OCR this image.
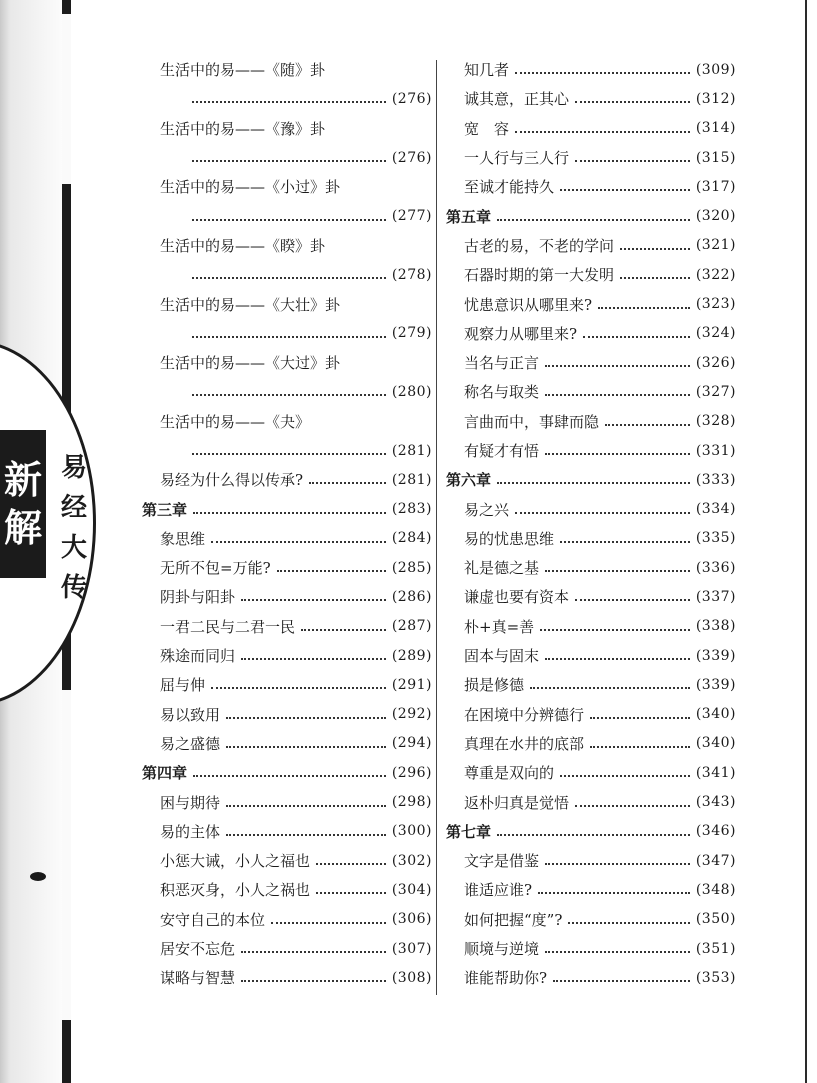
新
解
易
经
大
传
生活中的易——《随》卦
(276)
生活中的易——《豫》卦
(276)
生活中的易——《小过》卦
(277)
生活中的易——《睽》卦
(278)
生活中的易——《大壮》卦
(279)
生活中的易——《大过》卦
(280)
生活中的易——《夬》
(281)
易经为什么得以传承?	(281)
第三章	(283)
象思维	(284)
无所不包=万能?	(285)
阴卦与阳卦	(286)
一君二民与二君一民	(287)
殊途而同归	(289)
屈与伸	(291)
易以致用	(292)
易之盛德	(294)
第四章	(296)
困与期待	(298)
易的主体	(300)
小惩大诫，小人之福也	(302)
积恶灭身，小人之祸也	(304)
安守自己的本位	(306)
居安不忘危	(307)
谋略与智慧	(308)
知几者	(309)
诚其意，正其心	(312)
宽　容	(314)
一人行与三人行	(315)
至诚才能持久	(317)
第五章	(320)
古老的易，不老的学问	(321)
石器时期的第一大发明	(322)
忧患意识从哪里来?	(323)
观察力从哪里来?	(324)
当名与正言	(326)
称名与取类	(327)
言曲而中，事肆而隐	(328)
有疑才有悟	(331)
第六章	(333)
易之兴	(334)
易的忧患思维	(335)
礼是德之基	(336)
谦虚也要有资本	(337)
朴+真=善	(338)
固本与固末	(339)
损是修德	(339)
在困境中分辨德行	(340)
真理在水井的底部	(340)
尊重是双向的	(341)
返朴归真是觉悟	(343)
第七章	(346)
文字是借鉴	(347)
谁适应谁?	(348)
如何把握“度”?	(350)
顺境与逆境	(351)
谁能帮助你?	(353)
